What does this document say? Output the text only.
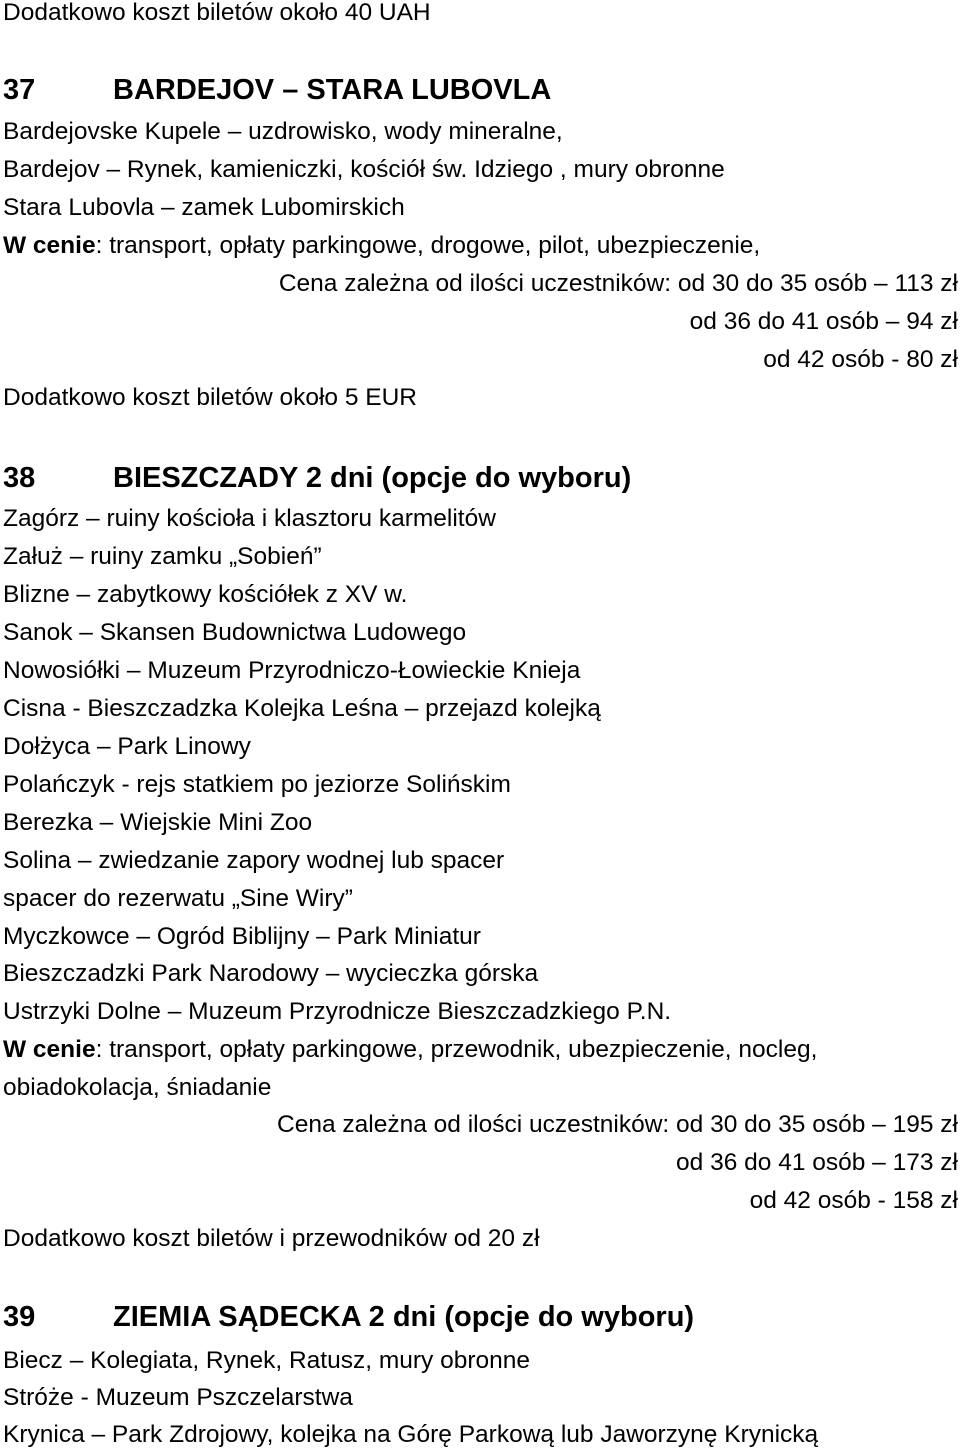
Dodatkowo koszt biletów około 40 UAH
37	BARDEJOV – STARA LUBOVLA
Bardejovske Kupele – uzdrowisko, wody mineralne,
Bardejov – Rynek, kamieniczki, kościół św. Idziego , mury obronne
Stara Lubovla – zamek Lubomirskich
W cenie: transport, opłaty parkingowe, drogowe, pilot, ubezpieczenie,
Cena zależna od ilości uczestników: od 30 do 35 osób – 113 zł
od 36 do 41 osób – 94 zł
od 42 osób - 80 zł
Dodatkowo koszt biletów około 5 EUR
38	BIESZCZADY 2 dni (opcje do wyboru)
Zagórz – ruiny kościoła i klasztoru karmelitów
Załuż – ruiny zamku „Sobień”
Blizne – zabytkowy kościółek z XV w.
Sanok – Skansen Budownictwa Ludowego
Nowosiółki – Muzeum Przyrodniczo-Łowieckie Knieja
Cisna - Bieszczadzka Kolejka Leśna – przejazd kolejką
Dołżyca – Park Linowy
Polańczyk - rejs statkiem po jeziorze Solińskim
Berezka – Wiejskie Mini Zoo
Solina – zwiedzanie zapory wodnej lub spacer
spacer do rezerwatu „Sine Wiry”
Myczkowce – Ogród Biblijny – Park Miniatur
Bieszczadzki Park Narodowy – wycieczka górska
Ustrzyki Dolne – Muzeum Przyrodnicze Bieszczadzkiego P.N.
W cenie: transport, opłaty parkingowe, przewodnik, ubezpieczenie, nocleg,
obiadokolacja, śniadanie
Cena zależna od ilości uczestników: od 30 do 35 osób – 195 zł
od 36 do 41 osób – 173 zł
od 42 osób - 158 zł
Dodatkowo koszt biletów i przewodników od 20 zł
39	ZIEMIA SĄDECKA 2 dni (opcje do wyboru)
Biecz – Kolegiata, Rynek, Ratusz, mury obronne
Stróże - Muzeum Pszczelarstwa
Krynica – Park Zdrojowy, kolejka na Górę Parkową lub Jaworzynę Krynicką
